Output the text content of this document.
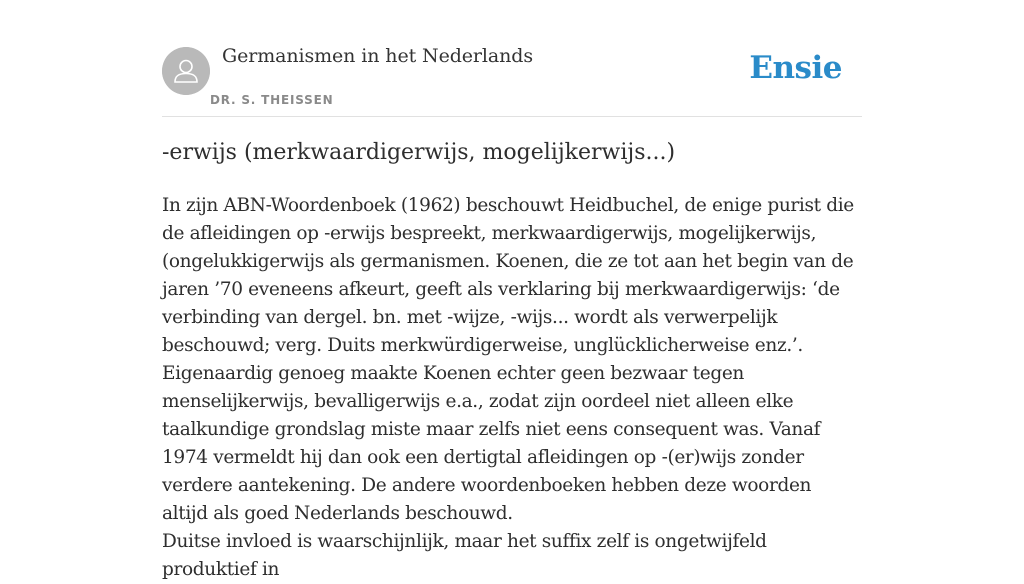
Germanismen in het Nederlands
DR. S. THEISSEN
Ensie
-erwijs (merkwaardigerwijs, mogelijkerwijs...)

In zijn ABN-Woordenboek (1962) beschouwt Heidbuchel, de enige purist die de afleidingen op -erwijs bespreekt, merkwaardigerwijs, mogelijkerwijs, (ongelukkigerwijs als germanismen. Koenen, die ze tot aan het begin van de jaren ’70 eveneens afkeurt, geeft als verklaring bij merkwaardigerwijs: ‘de verbinding van dergel. bn. met -wijze, -wijs... wordt als verwerpelijk beschouwd; verg. Duits merkwürdigerweise, unglücklicherweise enz.’. Eigenaardig genoeg maakte Koenen echter geen bezwaar tegen menselijkerwijs, bevalligerwijs e.a., zodat zijn oordeel niet alleen elke taalkundige grondslag miste maar zelfs niet eens consequent was. Vanaf 1974 vermeldt hij dan ook een dertigtal afleidingen op -(er)wijs zonder verdere aantekening. De andere woordenboeken hebben deze woorden altijd als goed Nederlands beschouwd.

Duitse invloed is waarschijnlijk, maar het suffix zelf is ongetwijfeld produktief in
